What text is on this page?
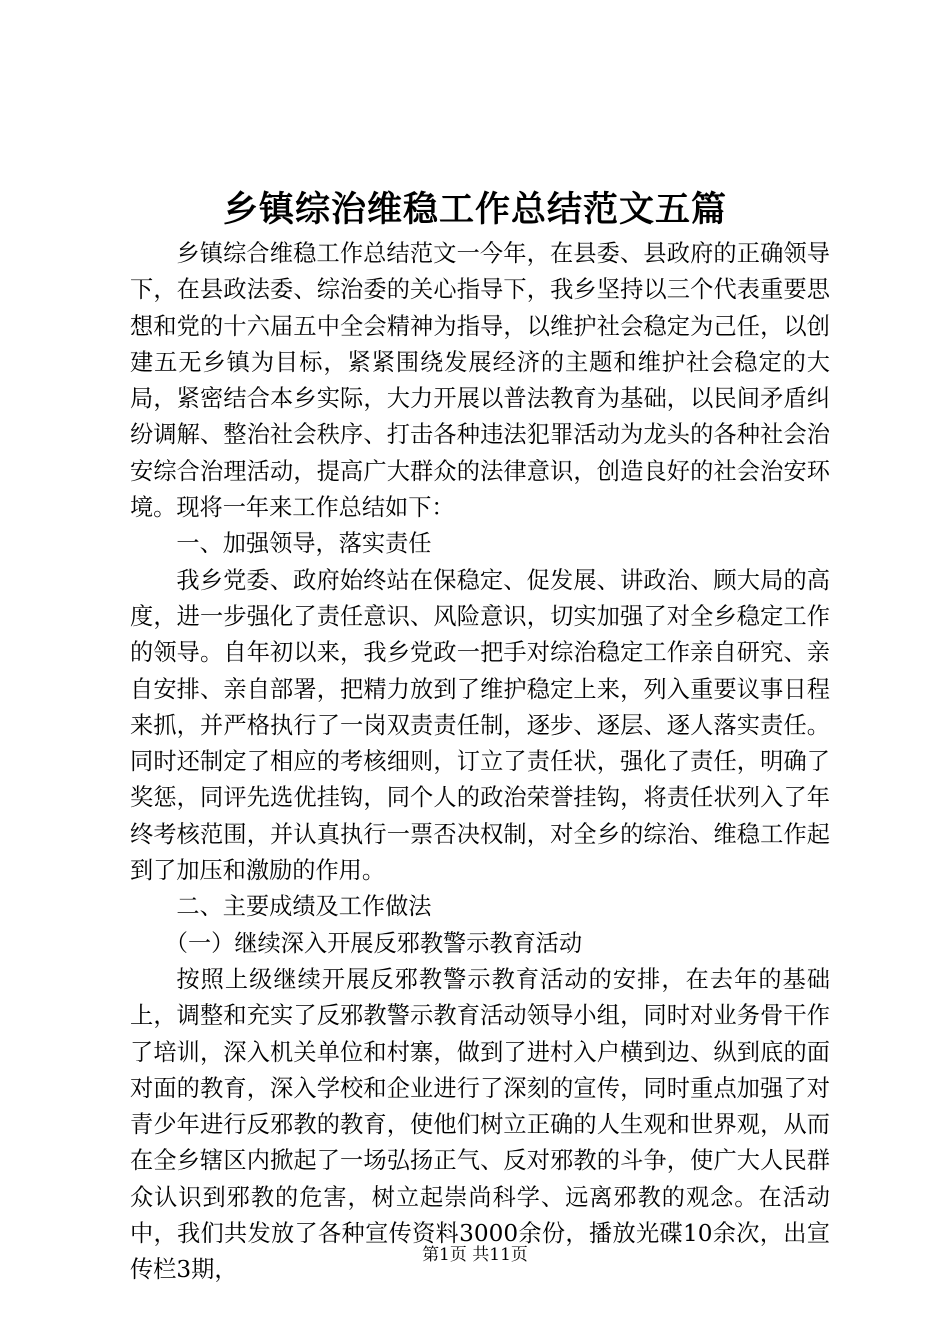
乡镇综治维稳工作总结范文五篇

乡镇综合维稳工作总结范文一今年，在县委、县政府的正确领导下，在县政法委、综治委的关心指导下，我乡坚持以三个代表重要思想和党的十六届五中全会精神为指导，以维护社会稳定为己任，以创建五无乡镇为目标，紧紧围绕发展经济的主题和维护社会稳定的大局，紧密结合本乡实际，大力开展以普法教育为基础，以民间矛盾纠纷调解、整治社会秩序、打击各种违法犯罪活动为龙头的各种社会治安综合治理活动，提高广大群众的法律意识，创造良好的社会治安环境。现将一年来工作总结如下：

一、加强领导，落实责任

我乡党委、政府始终站在保稳定、促发展、讲政治、顾大局的高度，进一步强化了责任意识、风险意识，切实加强了对全乡稳定工作的领导。自年初以来，我乡党政一把手对综治稳定工作亲自研究、亲自安排、亲自部署，把精力放到了维护稳定上来，列入重要议事日程来抓，并严格执行了一岗双责责任制，逐步、逐层、逐人落实责任。同时还制定了相应的考核细则，订立了责任状，强化了责任，明确了奖惩，同评先选优挂钩，同个人的政治荣誉挂钩，将责任状列入了年终考核范围，并认真执行一票否决权制，对全乡的综治、维稳工作起到了加压和激励的作用。

二、主要成绩及工作做法

（一）继续深入开展反邪教警示教育活动

按照上级继续开展反邪教警示教育活动的安排，在去年的基础上，调整和充实了反邪教警示教育活动领导小组，同时对业务骨干作了培训，深入机关单位和村寨，做到了进村入户横到边、纵到底的面对面的教育，深入学校和企业进行了深刻的宣传，同时重点加强了对青少年进行反邪教的教育，使他们树立正确的人生观和世界观，从而在全乡辖区内掀起了一场弘扬正气、反对邪教的斗争，使广大人民群众认识到邪教的危害，树立起崇尚科学、远离邪教的观念。在活动中，我们共发放了各种宣传资料3000余份，播放光碟10余次，出宣传栏3期，

第1页 共11页
